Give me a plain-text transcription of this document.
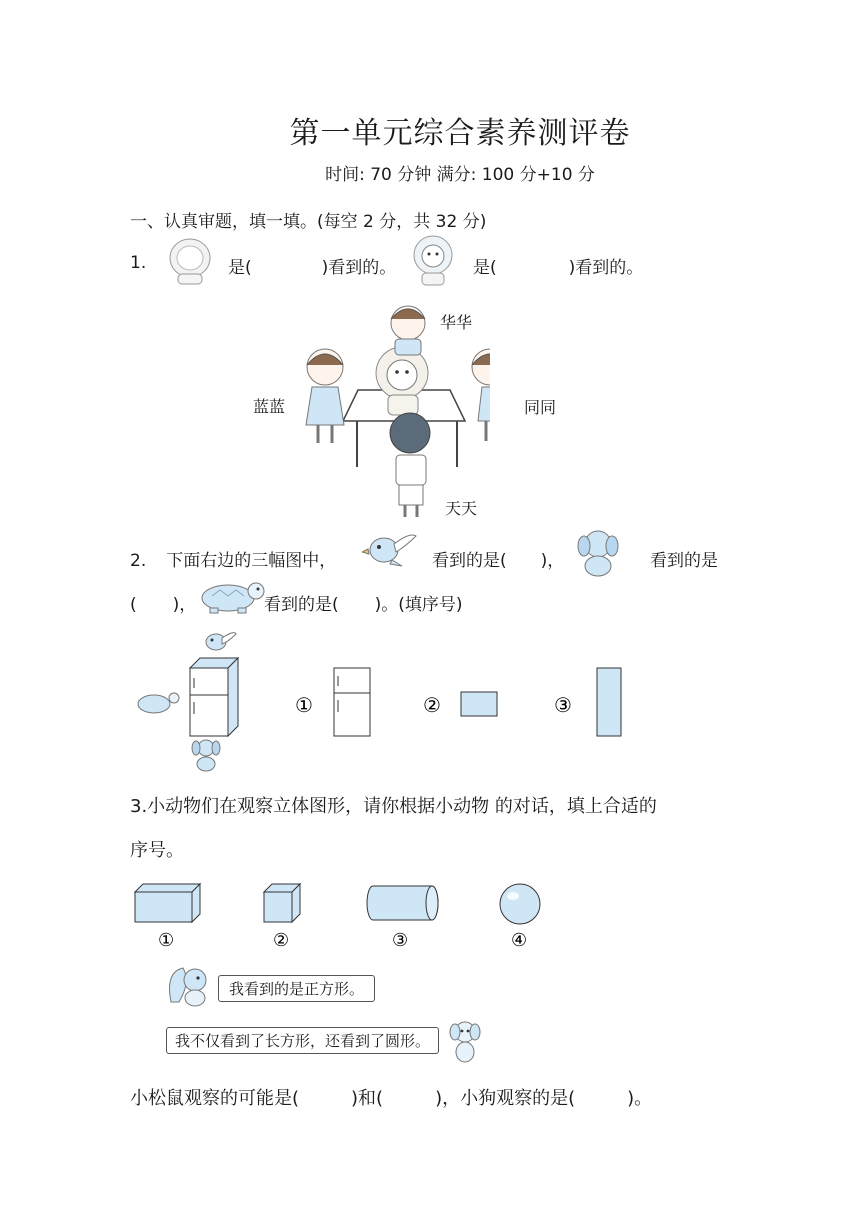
第一单元综合素养测评卷
时间: 70 分钟 满分: 100 分+10 分
一、认真审题，填一填。(每空 2 分，共 32 分)
1.	是(	)看到的。	是(	)看到的。
华华
蓝蓝	同同
天天
2. 下面右边的三幅图中，	看到的是( )，	看到的是
( )，	看到的是( )。(填序号)
①	②	③
3.小动物们在观察立体图形，请你根据小动物 的对话，填上合适的
序号。
①	②	③	④
我看到的是正方形。
我不仅看到了长方形，还看到了圆形。
小松鼠观察的可能是(	)和(	)，小狗观察的是(	)。
